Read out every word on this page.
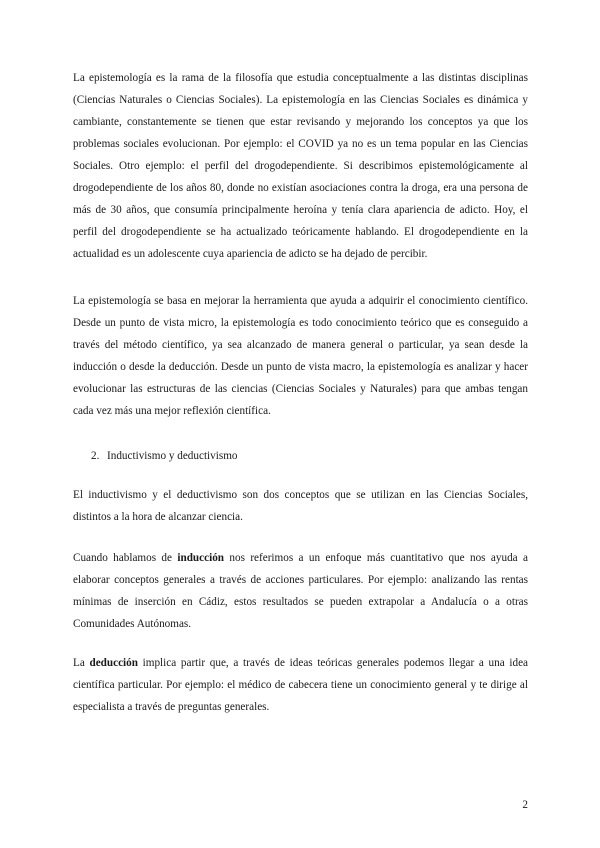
La epistemología es la rama de la filosofía que estudia conceptualmente a las distintas disciplinas (Ciencias Naturales o Ciencias Sociales). La epistemología en las Ciencias Sociales es dinámica y cambiante, constantemente se tienen que estar revisando y mejorando los conceptos ya que los problemas sociales evolucionan. Por ejemplo: el COVID ya no es un tema popular en las Ciencias Sociales. Otro ejemplo: el perfil del drogodependiente. Si describimos epistemológicamente al drogodependiente de los años 80, donde no existían asociaciones contra la droga, era una persona de más de 30 años, que consumía principalmente heroína y tenía clara apariencia de adicto. Hoy, el perfil del drogodependiente se ha actualizado teóricamente hablando. El drogodependiente en la actualidad es un adolescente cuya apariencia de adicto se ha dejado de percibir.

La epistemología se basa en mejorar la herramienta que ayuda a adquirir el conocimiento científico. Desde un punto de vista micro, la epistemología es todo conocimiento teórico que es conseguido a través del método científico, ya sea alcanzado de manera general o particular, ya sean desde la inducción o desde la deducción. Desde un punto de vista macro, la epistemología es analizar y hacer evolucionar las estructuras de las ciencias (Ciencias Sociales y Naturales) para que ambas tengan cada vez más una mejor reflexión científica.

2. Inductivismo y deductivismo

El inductivismo y el deductivismo son dos conceptos que se utilizan en las Ciencias Sociales, distintos a la hora de alcanzar ciencia.

Cuando hablamos de inducción nos referimos a un enfoque más cuantitativo que nos ayuda a elaborar conceptos generales a través de acciones particulares. Por ejemplo: analizando las rentas mínimas de inserción en Cádiz, estos resultados se pueden extrapolar a Andalucía o a otras Comunidades Autónomas.

La deducción implica partir que, a través de ideas teóricas generales podemos llegar a una idea científica particular. Por ejemplo: el médico de cabecera tiene un conocimiento general y te dirige al especialista a través de preguntas generales.

2
